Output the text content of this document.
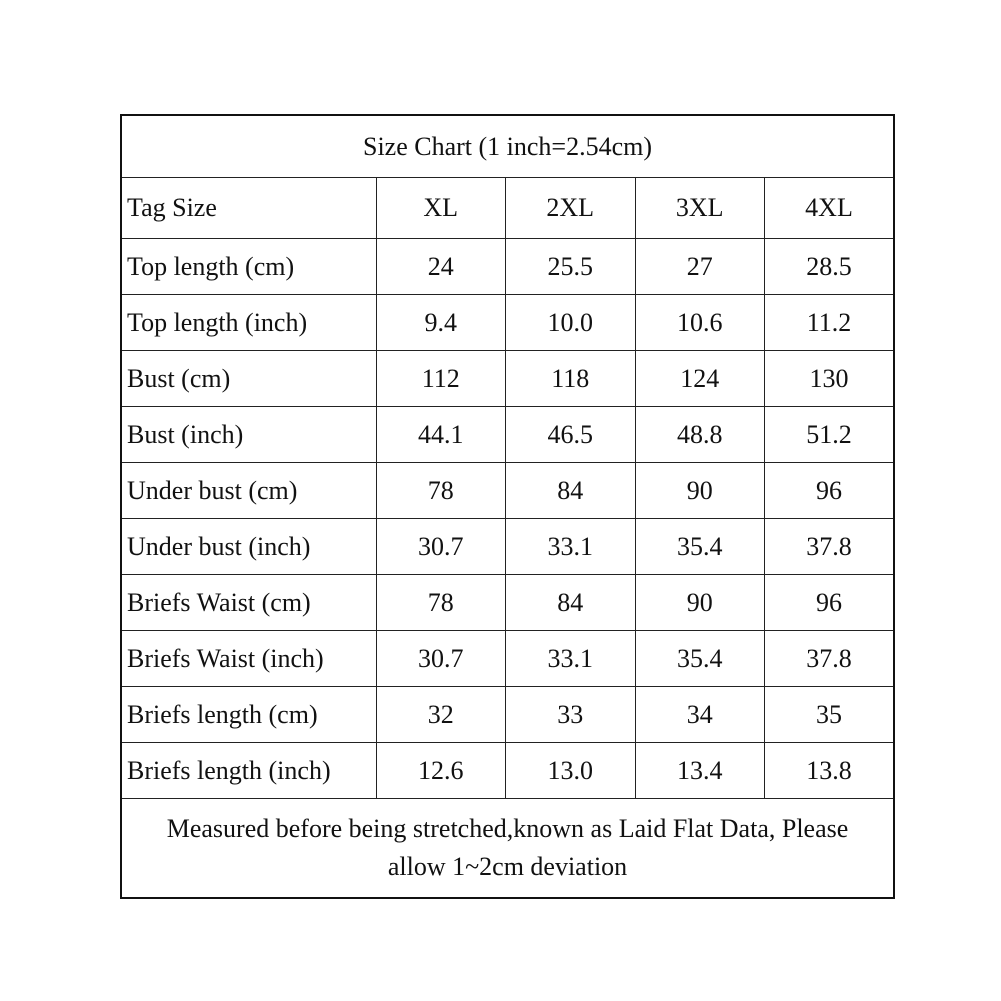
Size Chart (1 inch=2.54cm)				
Tag Size	XL	2XL	3XL	4XL
Top length (cm)	24	25.5	27	28.5
Top length (inch)	9.4	10.0	10.6	11.2
Bust (cm)	112	118	124	130
Bust (inch)	44.1	46.5	48.8	51.2
Under bust (cm)	78	84	90	96
Under bust (inch)	30.7	33.1	35.4	37.8
Briefs Waist (cm)	78	84	90	96
Briefs Waist (inch)	30.7	33.1	35.4	37.8
Briefs length (cm)	32	33	34	35
Briefs length (inch)	12.6	13.0	13.4	13.8
Measured before being stretched,known as Laid Flat Data, Please
allow 1~2cm deviation				
